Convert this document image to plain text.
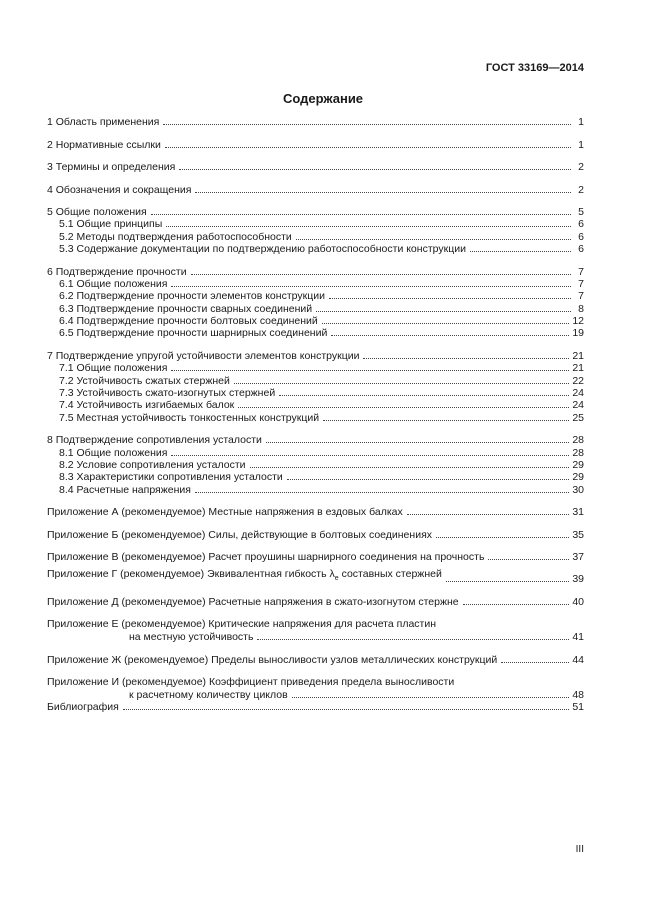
ГОСТ 33169—2014
Содержание
1 Область применения	1
2 Нормативные ссылки	1
3 Термины и определения	2
4 Обозначения и сокращения	2
5 Общие положения	5
5.1 Общие принципы	6
5.2 Методы подтверждения работоспособности	6
5.3 Содержание документации по подтверждению работоспособности конструкции	6
6 Подтверждение прочности	7
6.1 Общие положения	7
6.2 Подтверждение прочности элементов конструкции	7
6.3 Подтверждение прочности сварных соединений	8
6.4 Подтверждение прочности болтовых соединений	12
6.5 Подтверждение прочности шарнирных соединений	19
7 Подтверждение упругой устойчивости элементов конструкции	21
7.1 Общие положения	21
7.2 Устойчивость сжатых стержней	22
7.3 Устойчивость сжато-изогнутых стержней	24
7.4 Устойчивость изгибаемых балок	24
7.5 Местная устойчивость тонкостенных конструкций	25
8 Подтверждение сопротивления усталости	28
8.1 Общие положения	28
8.2 Условие сопротивления усталости	29
8.3 Характеристики сопротивления усталости	29
8.4 Расчетные напряжения	30
Приложение А (рекомендуемое) Местные напряжения в ездовых балках	31
Приложение Б (рекомендуемое) Силы, действующие в болтовых соединениях	35
Приложение В (рекомендуемое) Расчет проушины шарнирного соединения на прочность	37
Приложение Г (рекомендуемое) Эквивалентная гибкость $\lambda_e$ составных стержней	39
Приложение Д (рекомендуемое) Расчетные напряжения в сжато-изогнутом стержне	40
Приложение Е (рекомендуемое) Критические напряжения для расчета пластин
на местную устойчивость	41
Приложение Ж (рекомендуемое) Пределы выносливости узлов металлических конструкций	44
Приложение И (рекомендуемое) Коэффициент приведения предела выносливости
к расчетному количеству циклов	48
Библиография	51
III
